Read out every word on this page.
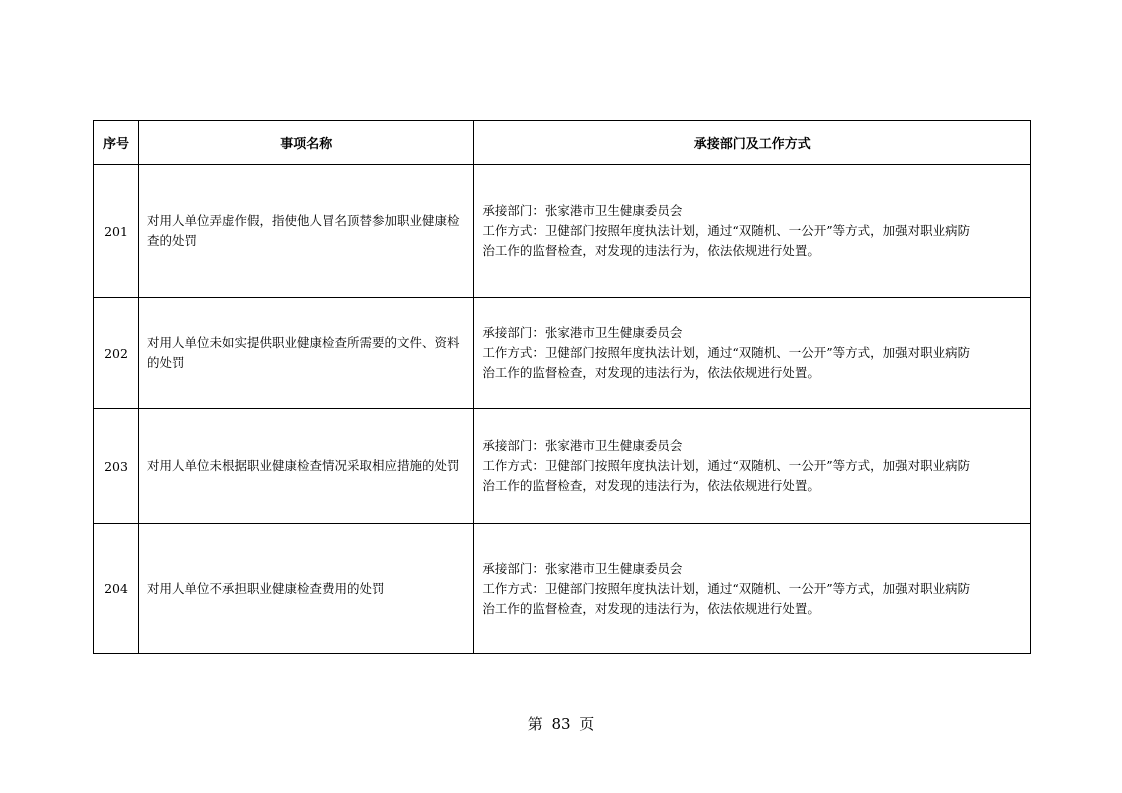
序号	事项名称	承接部门及工作方式
201	对用人单位弄虚作假，指使他人冒名顶替参加职业健康检查的处罚	承接部门：张家港市卫生健康委员会
工作方式：卫健部门按照年度执法计划，通过“双随机、一公开”等方式，加强对职业病防
治工作的监督检查，对发现的违法行为，依法依规进行处置。

202	对用人单位未如实提供职业健康检查所需要的文件、资料的处罚	承接部门：张家港市卫生健康委员会
工作方式：卫健部门按照年度执法计划，通过“双随机、一公开”等方式，加强对职业病防
治工作的监督检查，对发现的违法行为，依法依规进行处置。

203	对用人单位未根据职业健康检查情况采取相应措施的处罚	承接部门：张家港市卫生健康委员会
工作方式：卫健部门按照年度执法计划，通过“双随机、一公开”等方式，加强对职业病防
治工作的监督检查，对发现的违法行为，依法依规进行处置。

204	对用人单位不承担职业健康检查费用的处罚	承接部门：张家港市卫生健康委员会
工作方式：卫健部门按照年度执法计划，通过“双随机、一公开”等方式，加强对职业病防
治工作的监督检查，对发现的违法行为，依法依规进行处置。
第 83 页
